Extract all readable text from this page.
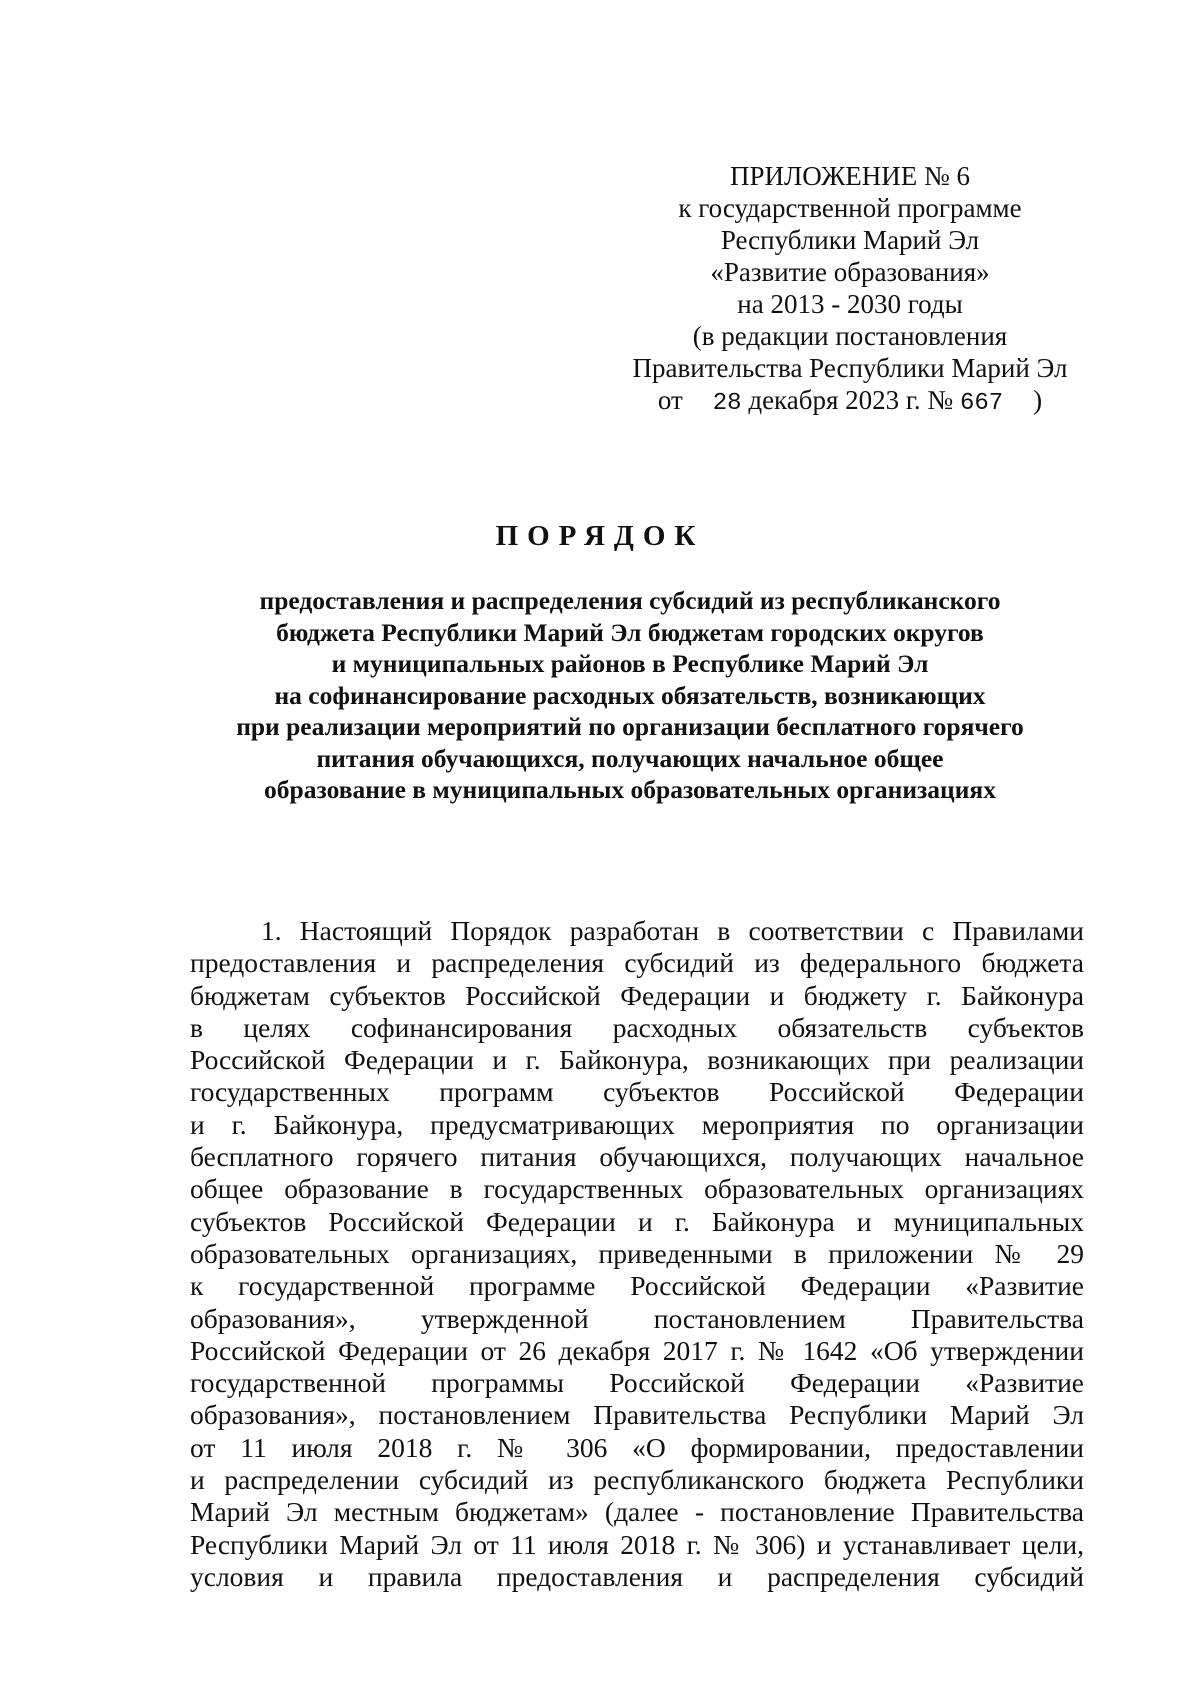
ПРИЛОЖЕНИЕ № 6
к государственной программе
Республики Марий Эл
«Развитие образования»
на 2013 - 2030 годы
(в редакции постановления
Правительства Республики Марий Эл
от 28 декабря 2023 г. № 667 )
ПОРЯДОК
предоставления и распределения субсидий из республиканского
бюджета Республики Марий Эл бюджетам городских округов
и муниципальных районов в Республике Марий Эл
на софинансирование расходных обязательств, возникающих
при реализации мероприятий по организации бесплатного горячего
питания обучающихся, получающих начальное общее
образование в муниципальных образовательных организациях
1. Настоящий Порядок разработан в соответствии с Правилами
предоставления и распределения субсидий из федерального бюджета
бюджетам субъектов Российской Федерации и бюджету г. Байконура
в целях софинансирования расходных обязательств субъектов
Российской Федерации и г. Байконура, возникающих при реализации
государственных программ субъектов Российской Федерации
и г. Байконура, предусматривающих мероприятия по организации
бесплатного горячего питания обучающихся, получающих начальное
общее образование в государственных образовательных организациях
субъектов Российской Федерации и г. Байконура и муниципальных
образовательных организациях, приведенными в приложении № 29
к государственной программе Российской Федерации «Развитие
образования», утвержденной постановлением Правительства
Российской Федерации от 26 декабря 2017 г. № 1642 «Об утверждении
государственной программы Российской Федерации «Развитие
образования», постановлением Правительства Республики Марий Эл
от 11 июля 2018 г. № 306 «О формировании, предоставлении
и распределении субсидий из республиканского бюджета Республики
Марий Эл местным бюджетам» (далее - постановление Правительства
Республики Марий Эл от 11 июля 2018 г. № 306) и устанавливает цели,
условия и правила предоставления и распределения субсидий
